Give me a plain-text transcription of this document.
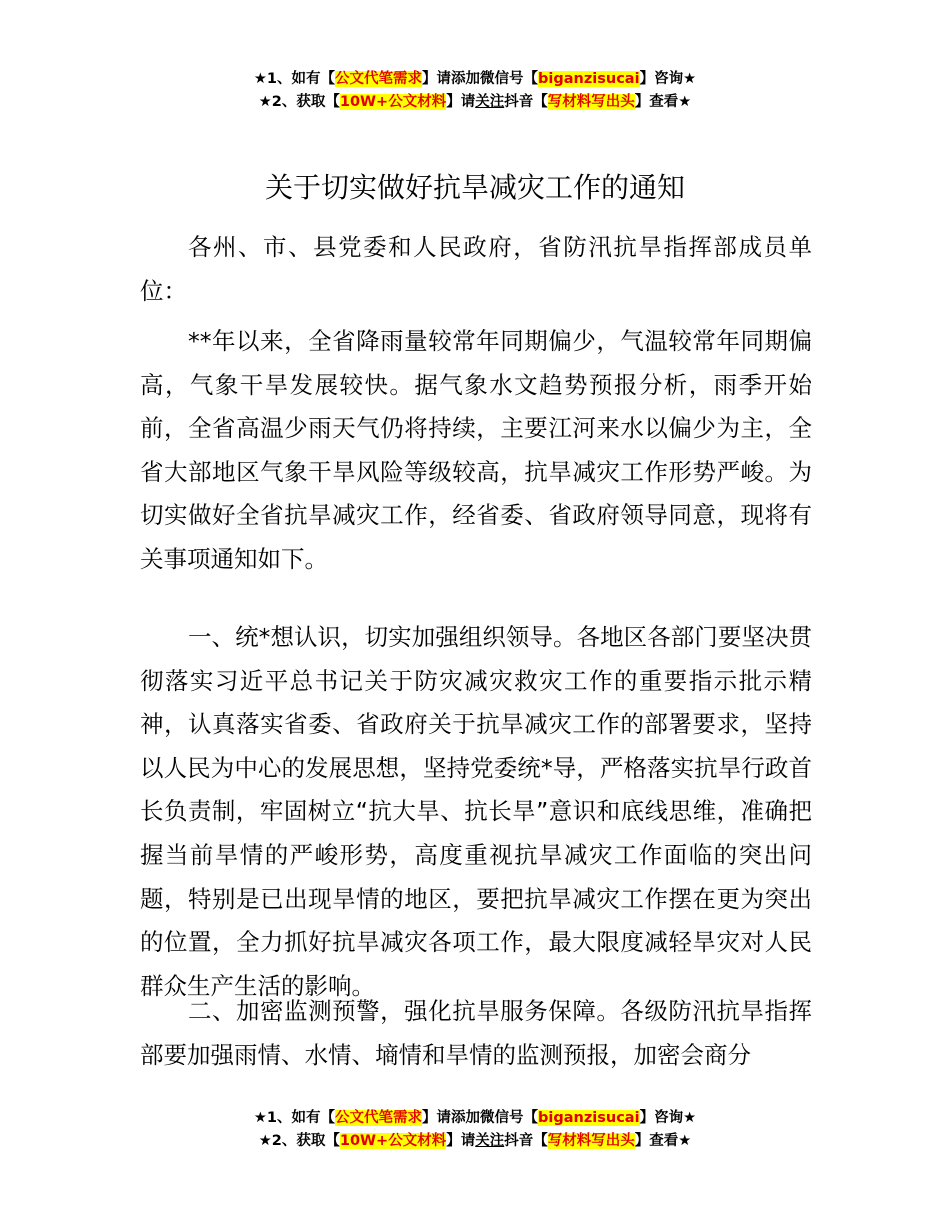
★1、如有【公文代笔需求】请添加微信号【biganzisucai】咨询★
★2、获取【10W+公文材料】请关注抖音【写材料写出头】查看★
关于切实做好抗旱减灾工作的通知

各州、市、县党委和人民政府，省防汛抗旱指挥部成员单位：

**年以来，全省降雨量较常年同期偏少，气温较常年同期偏高，气象干旱发展较快。据气象水文趋势预报分析，雨季开始前，全省高温少雨天气仍将持续，主要江河来水以偏少为主，全省大部地区气象干旱风险等级较高，抗旱减灾工作形势严峻。为切实做好全省抗旱减灾工作，经省委、省政府领导同意，现将有关事项通知如下。

一、统*想认识，切实加强组织领导。各地区各部门要坚决贯彻落实习近平总书记关于防灾减灾救灾工作的重要指示批示精神，认真落实省委、省政府关于抗旱减灾工作的部署要求，坚持以人民为中心的发展思想，坚持党委统*导，严格落实抗旱行政首长负责制，牢固树立“抗大旱、抗长旱”意识和底线思维，准确把握当前旱情的严峻形势，高度重视抗旱减灾工作面临的突出问题，特别是已出现旱情的地区，要把抗旱减灾工作摆在更为突出的位置，全力抓好抗旱减灾各项工作，最大限度减轻旱灾对人民群众生产生活的影响。

二、加密监测预警，强化抗旱服务保障。各级防汛抗旱指挥部要加强雨情、水情、墒情和旱情的监测预报，加密会商分

★1、如有【公文代笔需求】请添加微信号【biganzisucai】咨询★
★2、获取【10W+公文材料】请关注抖音【写材料写出头】查看★
